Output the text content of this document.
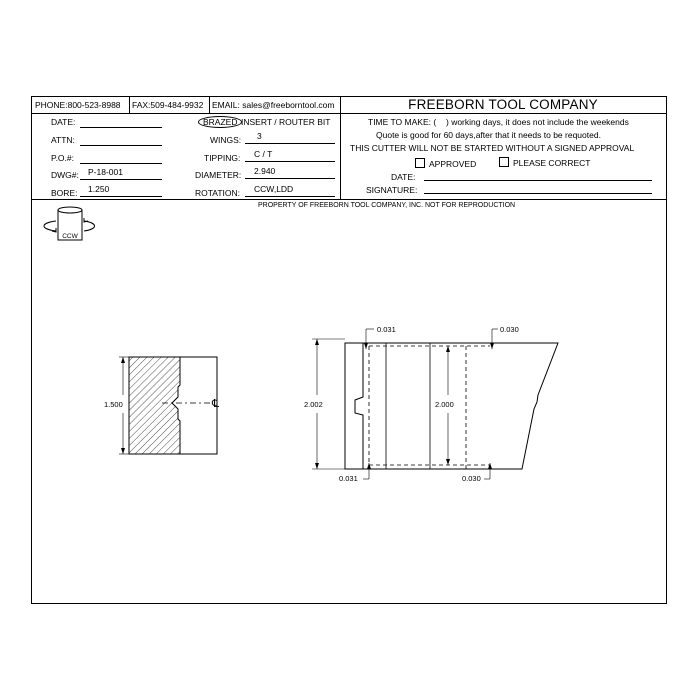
PHONE:800-523-8988 FAX:509-484-9932 EMAIL: sales@freeborntool.com	FREEBORN TOOL COMPANY
DATE:
ATTN:
P.O.#:
DWG#: P-18-001
BORE: 1.250
BRAZED INSERT / ROUTER BIT
WINGS: 3
TIPPING: C / T
DIAMETER: 2.940
ROTATION: CCW,LDD
TIME TO MAKE: ( ) working days, it does not include the weekends
Quote is good for 60 days,after that it needs to be requoted.
THIS CUTTER WILL NOT BE STARTED WITHOUT A SIGNED APPROVAL
APPROVED	PLEASE CORRECT
DATE:
SIGNATURE:
PROPERTY OF FREEBORN TOOL COMPANY, INC. NOT FOR REPRODUCTION
CCW
℄
1.500	2.002	2.000
0.031	0.030
0.031	0.030
